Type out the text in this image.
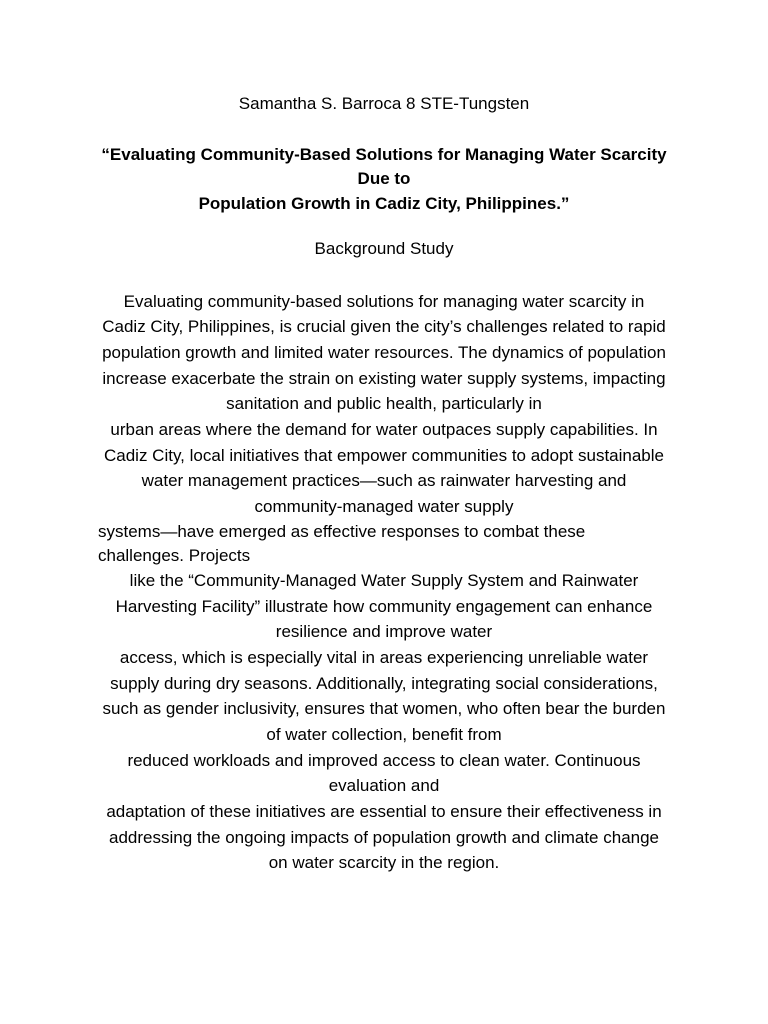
Samantha S. Barroca 8 STE-Tungsten
“Evaluating Community-Based Solutions for Managing Water Scarcity
Due to
Population Growth in Cadiz City, Philippines.”
Background Study
Evaluating community-based solutions for managing water scarcity in
Cadiz City, Philippines, is crucial given the city’s challenges related to rapid
population growth and limited water resources. The dynamics of population
increase exacerbate the strain on existing water supply systems, impacting
sanitation and public health, particularly in
urban areas where the demand for water outpaces supply capabilities. In
Cadiz City, local initiatives that empower communities to adopt sustainable
water management practices—such as rainwater harvesting and
community-managed water supply
systems—have emerged as effective responses to combat these
challenges. Projects
like the “Community-Managed Water Supply System and Rainwater
Harvesting Facility” illustrate how community engagement can enhance
resilience and improve water
access, which is especially vital in areas experiencing unreliable water
supply during dry seasons. Additionally, integrating social considerations,
such as gender inclusivity, ensures that women, who often bear the burden
of water collection, benefit from
reduced workloads and improved access to clean water. Continuous
evaluation and
adaptation of these initiatives are essential to ensure their effectiveness in
addressing the ongoing impacts of population growth and climate change
on water scarcity in the region.
